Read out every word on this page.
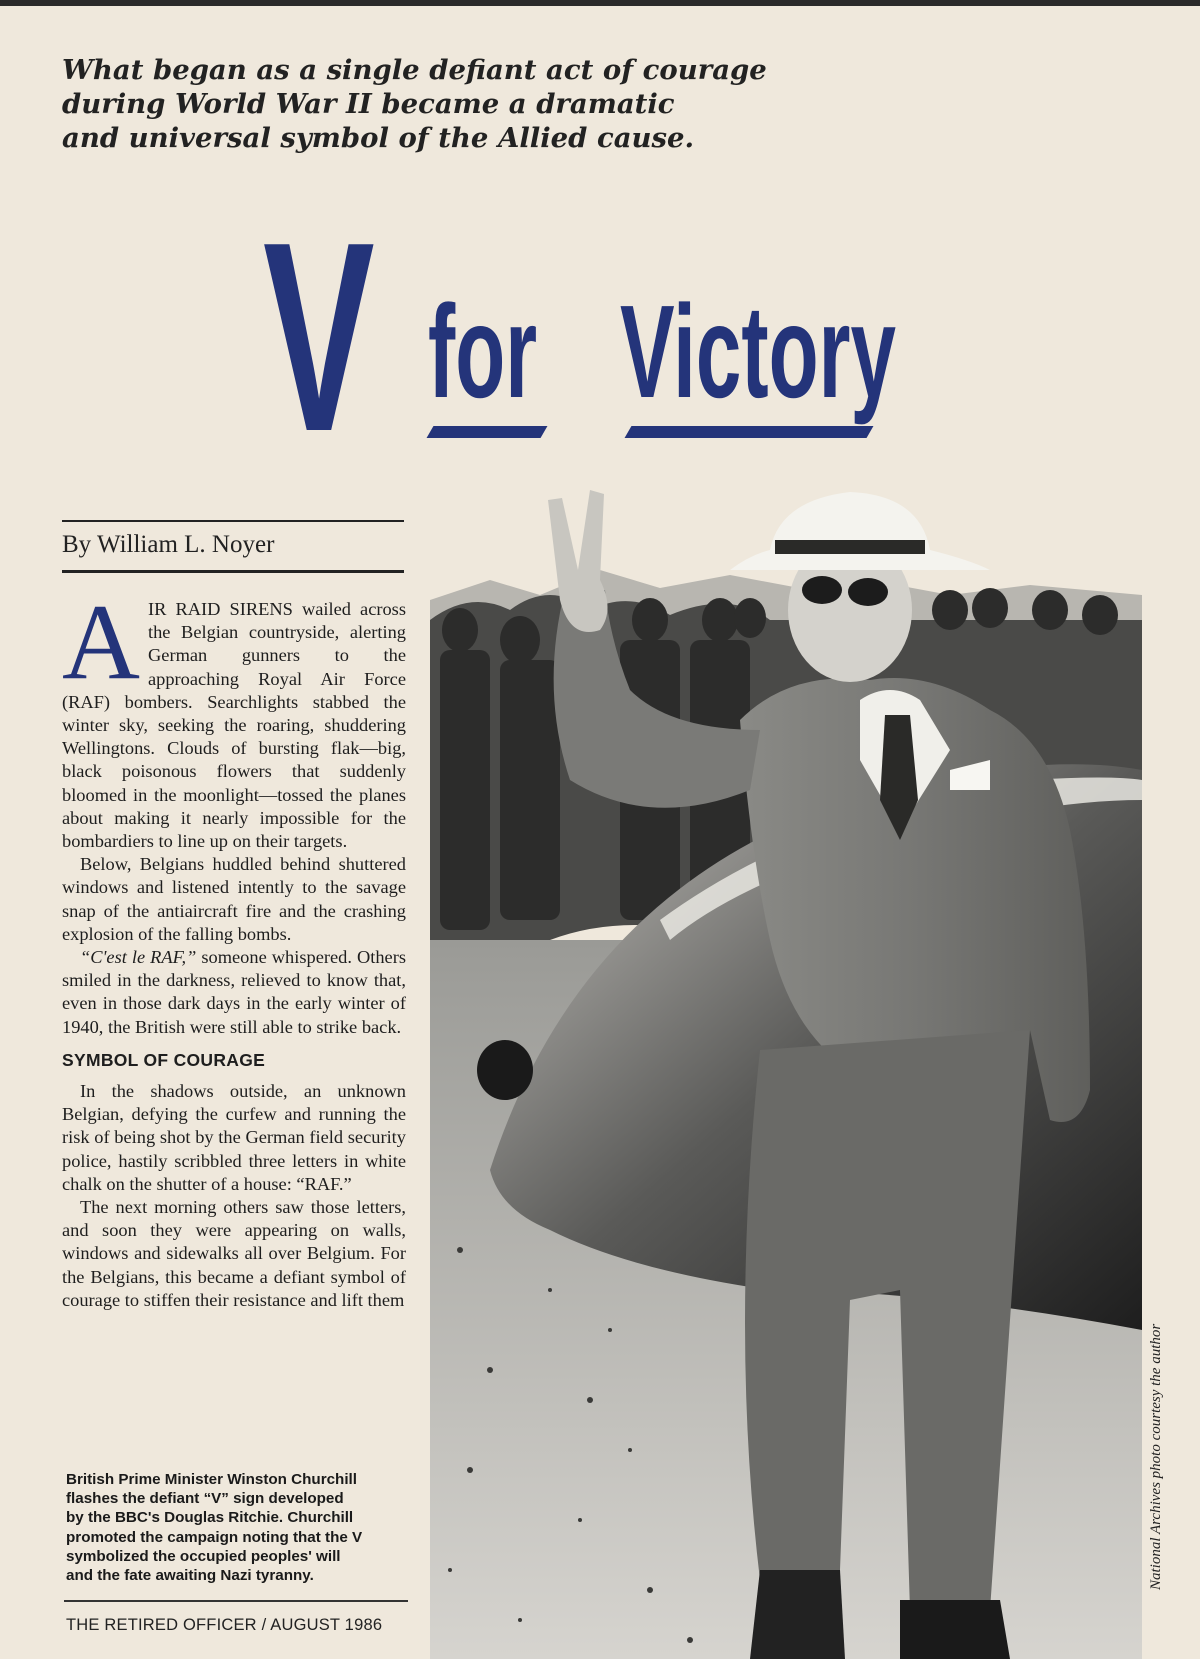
What began as a single defiant act of courage
during World War II became a dramatic
and universal symbol of the Allied cause.
V for Victory
By William L. Noyer

AIR RAID SIRENS wailed across the Belgian countryside, alerting German gunners to the approaching Royal Air Force (RAF) bombers. Searchlights stabbed the winter sky, seeking the roaring, shuddering Wellingtons. Clouds of bursting flak—big, black poisonous flowers that suddenly bloomed in the moonlight—tossed the planes about making it nearly impossible for the bombardiers to line up on their targets.

Below, Belgians huddled behind shuttered windows and listened intently to the savage snap of the antiaircraft fire and the crashing explosion of the falling bombs.

“C'est le RAF,” someone whispered. Others smiled in the darkness, relieved to know that, even in those dark days in the early winter of 1940, the British were still able to strike back.

SYMBOL OF COURAGE

In the shadows outside, an unknown Belgian, defying the curfew and running the risk of being shot by the German field security police, hastily scribbled three letters in white chalk on the shutter of a house: “RAF.”

The next morning others saw those letters, and soon they were appearing on walls, windows and sidewalks all over Belgium. For the Belgians, this became a defiant symbol of courage to stiffen their resistance and lift them

British Prime Minister Winston Churchill
flashes the defiant “V” sign developed
by the BBC's Douglas Ritchie. Churchill
promoted the campaign noting that the V
symbolized the occupied peoples' will
and the fate awaiting Nazi tyranny.
THE RETIRED OFFICER / AUGUST 1986
National Archives photo courtesy the author
